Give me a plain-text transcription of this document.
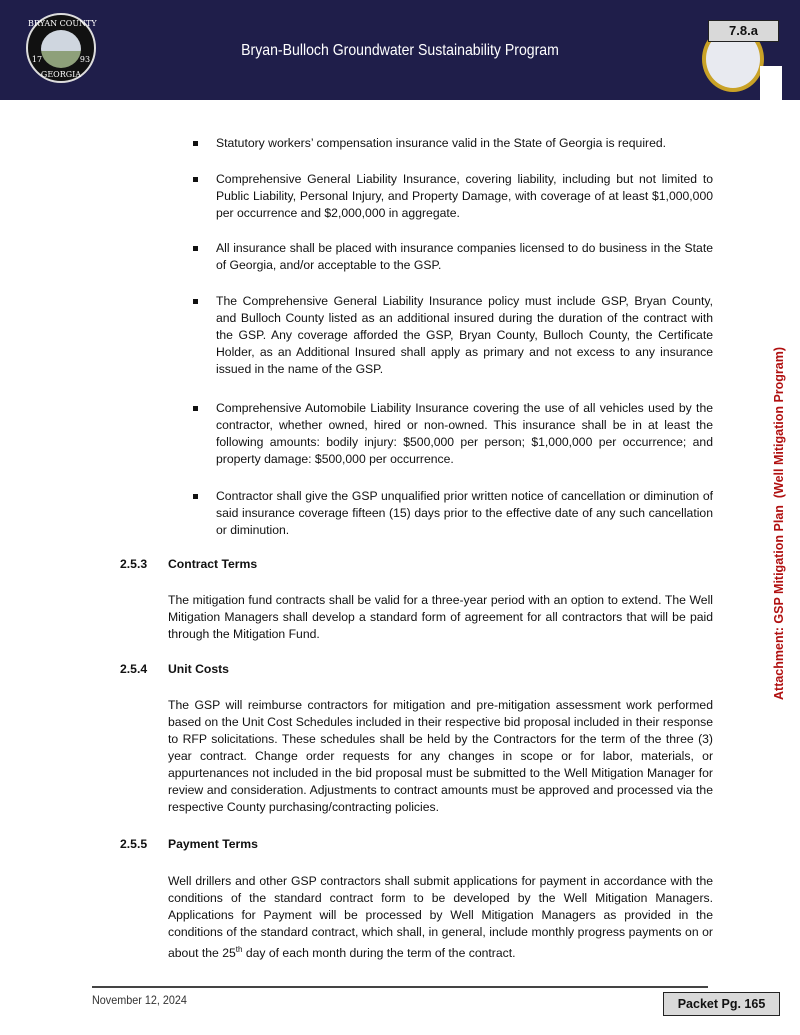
BRYAN COUNTY
17	93
GEORGIA
Bryan-Bulloch Groundwater Sustainability Program
7.8.a
Statutory workers’ compensation insurance valid in the State of Georgia is required.
Comprehensive General Liability Insurance, covering liability, including but not limited to Public Liability, Personal Injury, and Property Damage, with coverage of at least $1,000,000 per occurrence and $2,000,000 in aggregate.
All insurance shall be placed with insurance companies licensed to do business in the State of Georgia, and/or acceptable to the GSP.
The Comprehensive General Liability Insurance policy must include GSP, Bryan County, and Bulloch County listed as an additional insured during the duration of the contract with the GSP. Any coverage afforded the GSP, Bryan County, Bulloch County, the Certificate Holder, as an Additional Insured shall apply as primary and not excess to any insurance issued in the name of the GSP.
Comprehensive Automobile Liability Insurance covering the use of all vehicles used by the contractor, whether owned, hired or non-owned. This insurance shall be in at least the following amounts: bodily injury: $500,000 per person; $1,000,000 per occurrence; and property damage: $500,000 per occurrence.
Contractor shall give the GSP unqualified prior written notice of cancellation or diminution of said insurance coverage fifteen (15) days prior to the effective date of any such cancellation or diminution.
2.5.3 Contract Terms
The mitigation fund contracts shall be valid for a three-year period with an option to extend. The Well Mitigation Managers shall develop a standard form of agreement for all contractors that will be paid through the Mitigation Fund.
2.5.4 Unit Costs
The GSP will reimburse contractors for mitigation and pre-mitigation assessment work performed based on the Unit Cost Schedules included in their respective bid proposal included in their response to RFP solicitations. These schedules shall be held by the Contractors for the term of the three (3) year contract. Change order requests for any changes in scope or for labor, materials, or appurtenances not included in the bid proposal must be submitted to the Well Mitigation Manager for review and consideration. Adjustments to contract amounts must be approved and processed via the respective County purchasing/contracting policies.
2.5.5 Payment Terms
Well drillers and other GSP contractors shall submit applications for payment in accordance with the conditions of the standard contract form to be developed by the Well Mitigation Managers. Applications for Payment will be processed by Well Mitigation Managers as provided in the conditions of the standard contract, which shall, in general, include monthly progress payments on or about the 25th day of each month during the term of the contract.
Attachment: GSP Mitigation Plan  (Well Mitigation Program)
November 12, 2024	Packet Pg. 165
